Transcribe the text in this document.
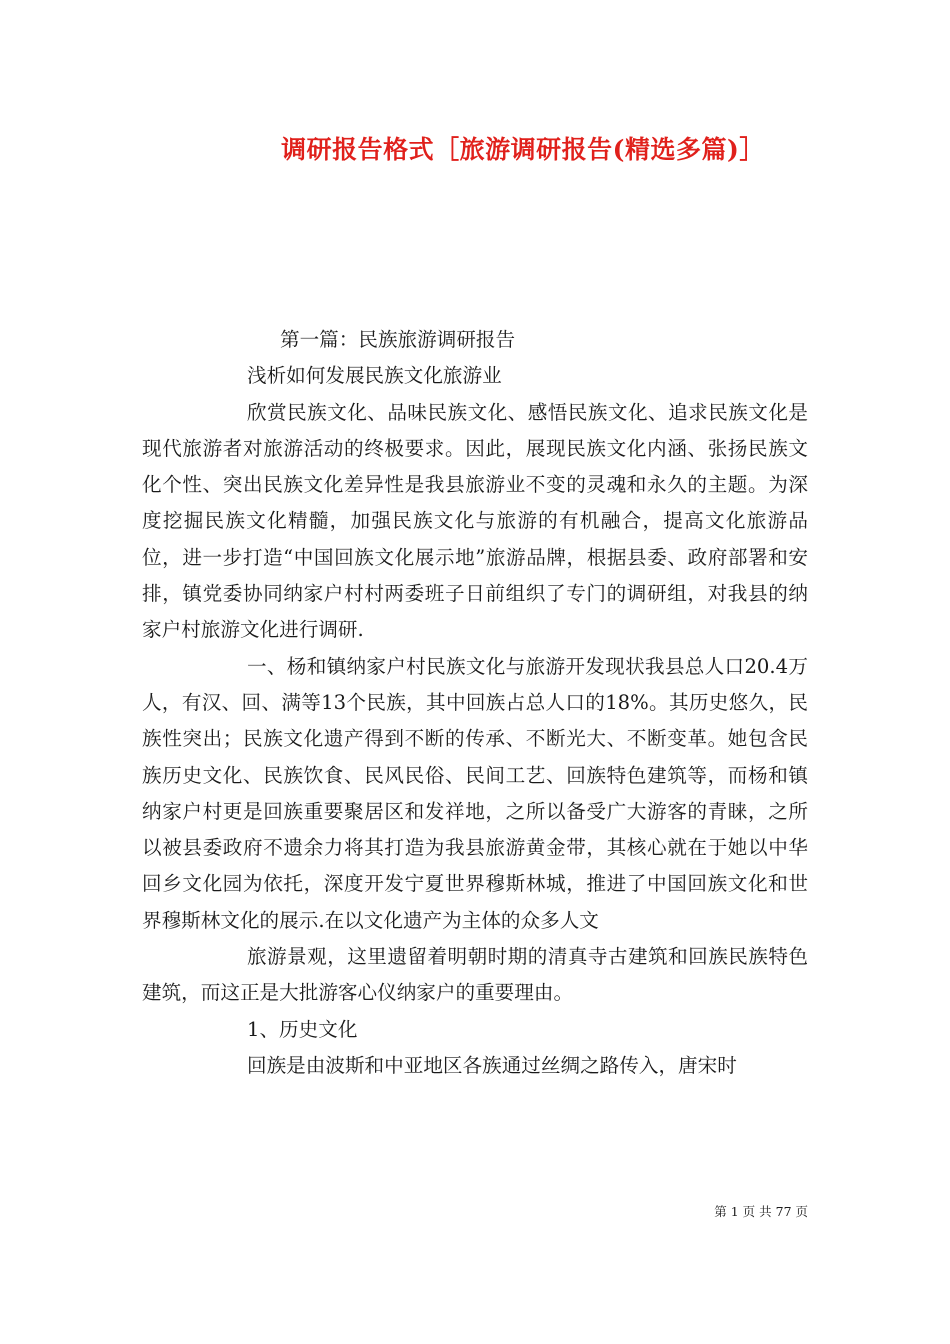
调研报告格式［旅游调研报告(精选多篇)］

第一篇：民族旅游调研报告

浅析如何发展民族文化旅游业

欣赏民族文化、品味民族文化、感悟民族文化、追求民族文化是现代旅游者对旅游活动的终极要求。因此，展现民族文化内涵、张扬民族文化个性、突出民族文化差异性是我县旅游业不变的灵魂和永久的主题。为深度挖掘民族文化精髓，加强民族文化与旅游的有机融合，提高文化旅游品位，进一步打造“中国回族文化展示地”旅游品牌，根据县委、政府部署和安排，镇党委协同纳家户村村两委班子日前组织了专门的调研组，对我县的纳家户村旅游文化进行调研.

一、杨和镇纳家户村民族文化与旅游开发现状我县总人口20.4万人，有汉、回、满等13个民族，其中回族占总人口的18%。其历史悠久，民族性突出；民族文化遗产得到不断的传承、不断光大、不断变革。她包含民族历史文化、民族饮食、民风民俗、民间工艺、回族特色建筑等，而杨和镇纳家户村更是回族重要聚居区和发祥地，之所以备受广大游客的青睐，之所以被县委政府不遗余力将其打造为我县旅游黄金带，其核心就在于她以中华回乡文化园为依托，深度开发宁夏世界穆斯林城，推进了中国回族文化和世界穆斯林文化的展示.在以文化遗产为主体的众多人文

旅游景观，这里遗留着明朝时期的清真寺古建筑和回族民族特色建筑，而这正是大批游客心仪纳家户的重要理由。

1、历史文化

回族是由波斯和中亚地区各族通过丝绸之路传入，唐宋时

第 1 页 共 77 页
